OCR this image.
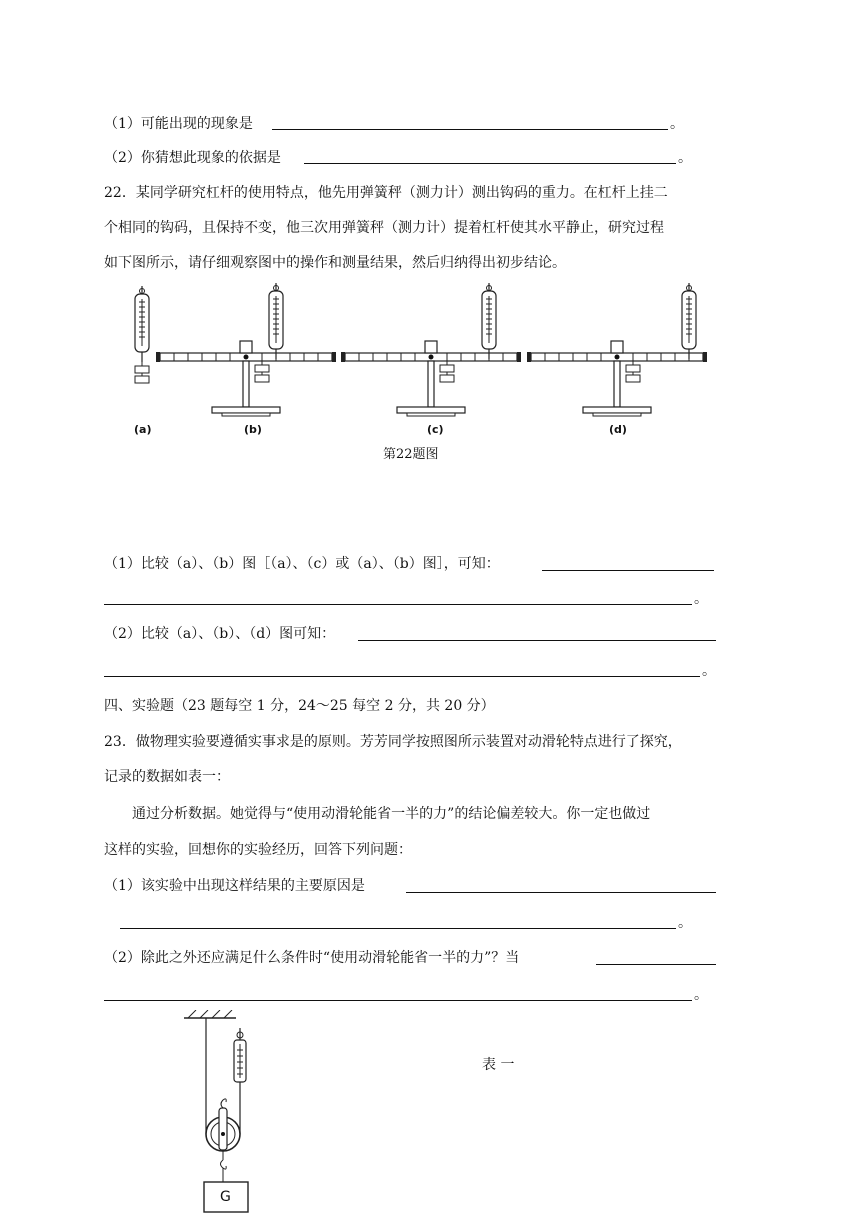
（1）可能出现的现象是	。
（2）你猜想此现象的依据是	。
22．某同学研究杠杆的使用特点，他先用弹簧秤（测力计）测出钩码的重力。在杠杆上挂二
个相同的钩码，且保持不变，他三次用弹簧秤（测力计）提着杠杆使其水平静止，研究过程
如下图所示，请仔细观察图中的操作和测量结果，然后归纳得出初步结论。
(a)	(b)	(c)	(d)
第22题图
（1）比较（a）、（b）图［（a）、（c）或（a）、（b）图］，可知：
。
（2）比较（a）、（b）、（d）图可知：
。
四、实验题（23 题每空 1 分，24～25 每空 2 分，共 20 分）
23．做物理实验要遵循实事求是的原则。芳芳同学按照图所示装置对动滑轮特点进行了探究，
记录的数据如表一：
通过分析数据。她觉得与“使用动滑轮能省一半的力”的结论偏差较大。你一定也做过
这样的实验，回想你的实验经历，回答下列问题：
（1）该实验中出现这样结果的主要原因是
。
（2）除此之外还应满足什么条件时“使用动滑轮能省一半的力”？当
。
G
表 一
